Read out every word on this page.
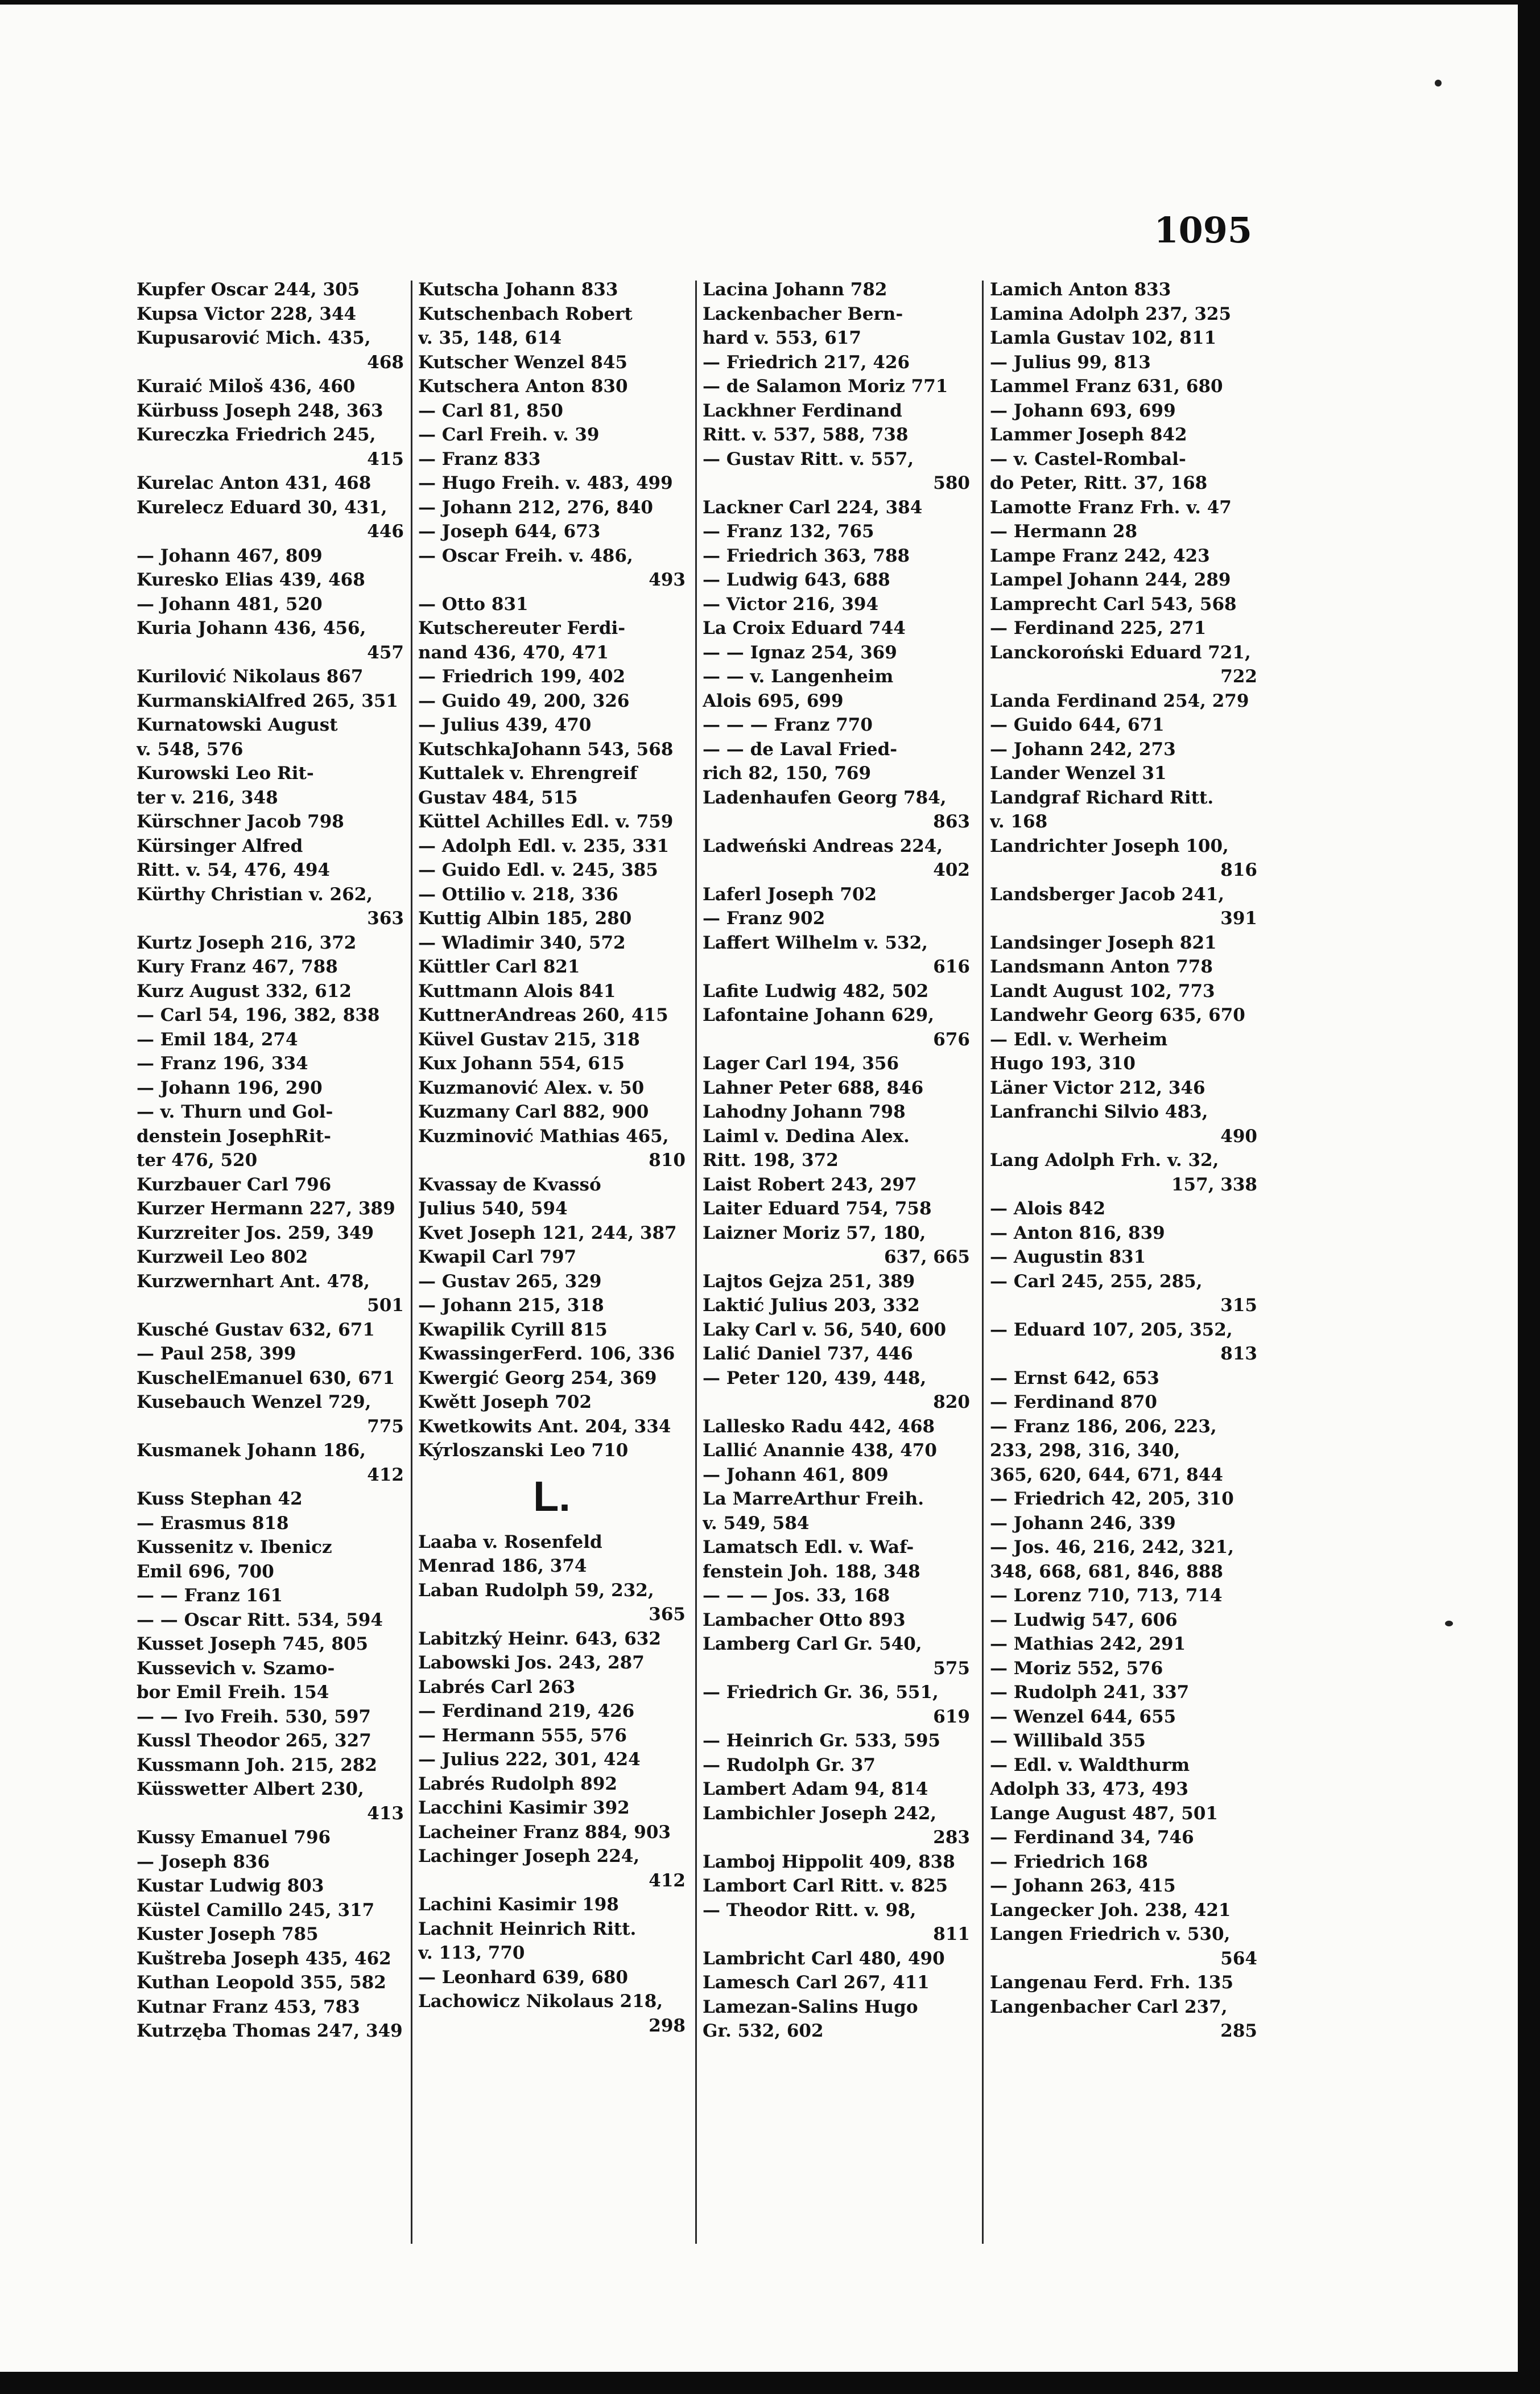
1095
Kupfer Oscar 244, 305
Kupsa Victor 228, 344
Kupusarović Mich. 435,
468
Kuraić Miloš 436, 460
Kürbuss Joseph 248, 363
Kureczka Friedrich 245,
415
Kurelac Anton 431, 468
Kurelecz Eduard 30, 431,
446
— Johann 467, 809
Kuresko Elias 439, 468
— Johann 481, 520
Kuria Johann 436, 456,
457
Kurilović Nikolaus 867
KurmanskiAlfred 265, 351
Kurnatowski August
v. 548, 576
Kurowski Leo Rit-
ter v. 216, 348
Kürschner Jacob 798
Kürsinger Alfred
Ritt. v. 54, 476, 494
Kürthy Christian v. 262,
363
Kurtz Joseph 216, 372
Kury Franz 467, 788
Kurz August 332, 612
— Carl 54, 196, 382, 838
— Emil 184, 274
— Franz 196, 334
— Johann 196, 290
— v. Thurn und Gol-
denstein JosephRit-
ter 476, 520
Kurzbauer Carl 796
Kurzer Hermann 227, 389
Kurzreiter Jos. 259, 349
Kurzweil Leo 802
Kurzwernhart Ant. 478,
501
Kusché Gustav 632, 671
— Paul 258, 399
KuschelEmanuel 630, 671
Kusebauch Wenzel 729,
775
Kusmanek Johann 186,
412
Kuss Stephan 42
— Erasmus 818
Kussenitz v. Ibenicz
Emil 696, 700
— — Franz 161
— — Oscar Ritt. 534, 594
Kusset Joseph 745, 805
Kussevich v. Szamo-
bor Emil Freih. 154
— — Ivo Freih. 530, 597
Kussl Theodor 265, 327
Kussmann Joh. 215, 282
Küsswetter Albert 230,
413
Kussy Emanuel 796
— Joseph 836
Kustar Ludwig 803
Küstel Camillo 245, 317
Kuster Joseph 785
Kuštreba Joseph 435, 462
Kuthan Leopold 355, 582
Kutnar Franz 453, 783
Kutrzęba Thomas 247, 349
Kutscha Johann 833
Kutschenbach Robert
v. 35, 148, 614
Kutscher Wenzel 845
Kutschera Anton 830
— Carl 81, 850
— Carl Freih. v. 39
— Franz 833
— Hugo Freih. v. 483, 499
— Johann 212, 276, 840
— Joseph 644, 673
— Oscar Freih. v. 486,
493
— Otto 831
Kutschereuter Ferdi-
nand 436, 470, 471
— Friedrich 199, 402
— Guido 49, 200, 326
— Julius 439, 470
KutschkaJohann 543, 568
Kuttalek v. Ehrengreif
Gustav 484, 515
Küttel Achilles Edl. v. 759
— Adolph Edl. v. 235, 331
— Guido Edl. v. 245, 385
— Ottilio v. 218, 336
Kuttig Albin 185, 280
— Wladimir 340, 572
Küttler Carl 821
Kuttmann Alois 841
KuttnerAndreas 260, 415
Küvel Gustav 215, 318
Kux Johann 554, 615
Kuzmanović Alex. v. 50
Kuzmany Carl 882, 900
Kuzminović Mathias 465,
810
Kvassay de Kvassó
Julius 540, 594
Kvet Joseph 121, 244, 387
Kwapil Carl 797
— Gustav 265, 329
— Johann 215, 318
Kwapilik Cyrill 815
KwassingerFerd. 106, 336
Kwergić Georg 254, 369
Kwětt Joseph 702
Kwetkowits Ant. 204, 334
Kýrloszanski Leo 710
L.
Laaba v. Rosenfeld
Menrad 186, 374
Laban Rudolph 59, 232,
365
Labitzký Heinr. 643, 632
Labowski Jos. 243, 287
Labrés Carl 263
— Ferdinand 219, 426
— Hermann 555, 576
— Julius 222, 301, 424
Labrés Rudolph 892
Lacchini Kasimir 392
Lacheiner Franz 884, 903
Lachinger Joseph 224,
412
Lachini Kasimir 198
Lachnit Heinrich Ritt.
v. 113, 770
— Leonhard 639, 680
Lachowicz Nikolaus 218,
298
Lacina Johann 782
Lackenbacher Bern-
hard v. 553, 617
— Friedrich 217, 426
— de Salamon Moriz 771
Lackhner Ferdinand
Ritt. v. 537, 588, 738
— Gustav Ritt. v. 557,
580
Lackner Carl 224, 384
— Franz 132, 765
— Friedrich 363, 788
— Ludwig 643, 688
— Victor 216, 394
La Croix Eduard 744
— — Ignaz 254, 369
— — v. Langenheim
Alois 695, 699
— — — Franz 770
— — de Laval Fried-
rich 82, 150, 769
Ladenhaufen Georg 784,
863
Ladweński Andreas 224,
402
Laferl Joseph 702
— Franz 902
Laffert Wilhelm v. 532,
616
Lafite Ludwig 482, 502
Lafontaine Johann 629,
676
Lager Carl 194, 356
Lahner Peter 688, 846
Lahodny Johann 798
Laiml v. Dedina Alex.
Ritt. 198, 372
Laist Robert 243, 297
Laiter Eduard 754, 758
Laizner Moriz 57, 180,
637, 665
Lajtos Gejza 251, 389
Laktić Julius 203, 332
Laky Carl v. 56, 540, 600
Lalić Daniel 737, 446
— Peter 120, 439, 448,
820
Lallesko Radu 442, 468
Lallić Anannie 438, 470
— Johann 461, 809
La MarreArthur Freih.
v. 549, 584
Lamatsch Edl. v. Waf-
fenstein Joh. 188, 348
— — — Jos. 33, 168
Lambacher Otto 893
Lamberg Carl Gr. 540,
575
— Friedrich Gr. 36, 551,
619
— Heinrich Gr. 533, 595
— Rudolph Gr. 37
Lambert Adam 94, 814
Lambichler Joseph 242,
283
Lamboj Hippolit 409, 838
Lambort Carl Ritt. v. 825
— Theodor Ritt. v. 98,
811
Lambricht Carl 480, 490
Lamesch Carl 267, 411
Lamezan-Salins Hugo
Gr. 532, 602
Lamich Anton 833
Lamina Adolph 237, 325
Lamla Gustav 102, 811
— Julius 99, 813
Lammel Franz 631, 680
— Johann 693, 699
Lammer Joseph 842
— v. Castel-Rombal-
do Peter, Ritt. 37, 168
Lamotte Franz Frh. v. 47
— Hermann 28
Lampe Franz 242, 423
Lampel Johann 244, 289
Lamprecht Carl 543, 568
— Ferdinand 225, 271
Lanckoroński Eduard 721,
722
Landa Ferdinand 254, 279
— Guido 644, 671
— Johann 242, 273
Lander Wenzel 31
Landgraf Richard Ritt.
v. 168
Landrichter Joseph 100,
816
Landsberger Jacob 241,
391
Landsinger Joseph 821
Landsmann Anton 778
Landt August 102, 773
Landwehr Georg 635, 670
— Edl. v. Werheim
Hugo 193, 310
Läner Victor 212, 346
Lanfranchi Silvio 483,
490
Lang Adolph Frh. v. 32,
157, 338
— Alois 842
— Anton 816, 839
— Augustin 831
— Carl 245, 255, 285,
315
— Eduard 107, 205, 352,
813
— Ernst 642, 653
— Ferdinand 870
— Franz 186, 206, 223,
233, 298, 316, 340,
365, 620, 644, 671, 844
— Friedrich 42, 205, 310
— Johann 246, 339
— Jos. 46, 216, 242, 321,
348, 668, 681, 846, 888
— Lorenz 710, 713, 714
— Ludwig 547, 606
— Mathias 242, 291
— Moriz 552, 576
— Rudolph 241, 337
— Wenzel 644, 655
— Willibald 355
— Edl. v. Waldthurm
Adolph 33, 473, 493
Lange August 487, 501
— Ferdinand 34, 746
— Friedrich 168
— Johann 263, 415
Langecker Joh. 238, 421
Langen Friedrich v. 530,
564
Langenau Ferd. Frh. 135
Langenbacher Carl 237,
285
